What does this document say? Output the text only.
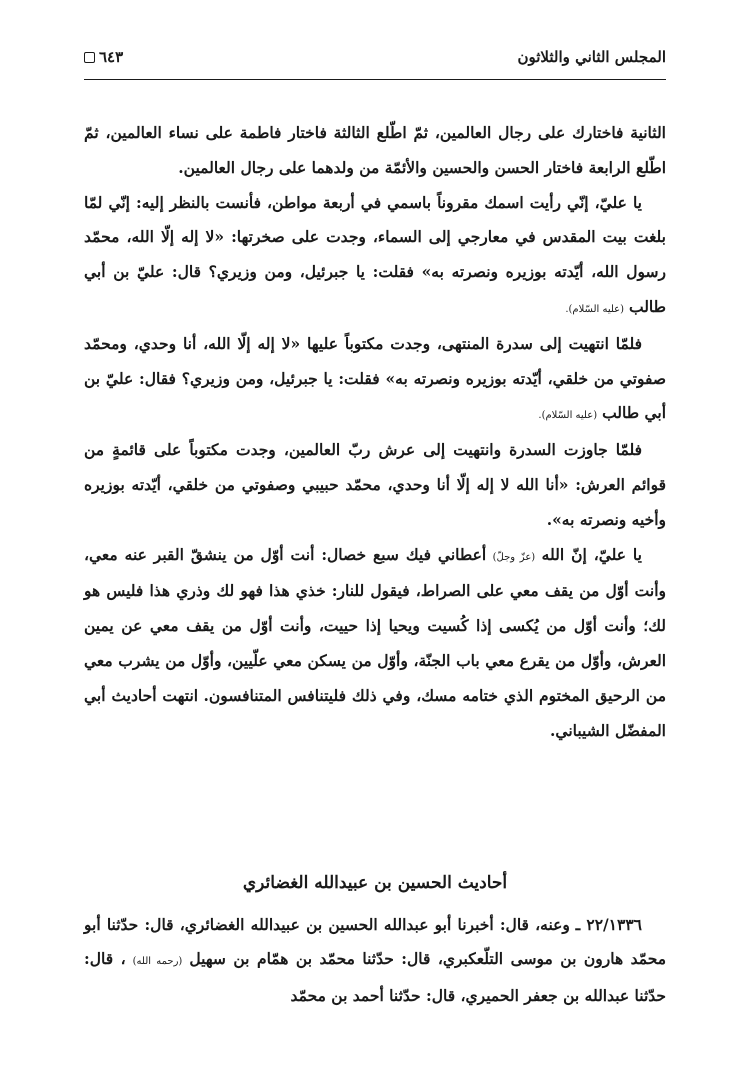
المجلس الثاني والثلاثون
٦٤٣

الثانية فاختارك على رجال العالمين، ثمّ اطّلع الثالثة فاختار فاطمة على نساء العالمين، ثمّ اطّلع الرابعة فاختار الحسن والحسين والأئمّة من ولدهما على رجال العالمين.

يا عليّ، إنّي رأيت اسمك مقروناً باسمي في أربعة مواطن، فأنست بالنظر إليه: إنّي لمّا بلغت بيت المقدس في معارجي إلى السماء، وجدت على صخرتها: «لا إله إلّا الله، محمّد رسول الله، أيّدته بوزيره ونصرته به» فقلت: يا جبرئيل، ومن وزيري؟ قال: عليّ بن أبي طالب (عليه السّلام).

فلمّا انتهيت إلى سدرة المنتهى، وجدت مكتوباً عليها «لا إله إلّا الله، أنا وحدي، ومحمّد صفوتي من خلقي، أيّدته بوزيره ونصرته به» فقلت: يا جبرئيل، ومن وزيري؟ فقال: عليّ بن أبي طالب (عليه السّلام).

فلمّا جاوزت السدرة وانتهيت إلى عرش ربّ العالمين، وجدت مكتوباً على قائمةٍ من قوائم العرش: «أنا الله لا إله إلّا أنا وحدي، محمّد حبيبي وصفوتي من خلقي، أيّدته بوزيره وأخيه ونصرته به».

يا عليّ، إنّ الله (عزّ وجلّ) أعطاني فيك سبع خصال: أنت أوّل من ينشقّ القبر عنه معي، وأنت أوّل من يقف معي على الصراط، فيقول للنار: خذي هذا فهو لك وذري هذا فليس هو لك؛ وأنت أوّل من يُكسى إذا كُسيت ويحيا إذا حييت، وأنت أوّل من يقف معي عن يمين العرش، وأوّل من يقرع معي باب الجنّة، وأوّل من يسكن معي علّيين، وأوّل من يشرب معي من الرحيق المختوم الذي ختامه مسك، وفي ذلك فليتنافس المتنافسون. انتهت أحاديث أبي المفضّل الشيباني.

أحاديث الحسين بن عبيدالله الغضائري

٢٢/١٣٣٦ ـ وعنه، قال: أخبرنا أبو عبدالله الحسين بن عبيدالله الغضائري، قال: حدّثنا أبو محمّد هارون بن موسى التلّعكبري، قال: حدّثنا محمّد بن همّام بن سهيل (رحمه الله) ، قال: حدّثنا عبدالله بن جعفر الحميري، قال: حدّثنا أحمد بن محمّد
